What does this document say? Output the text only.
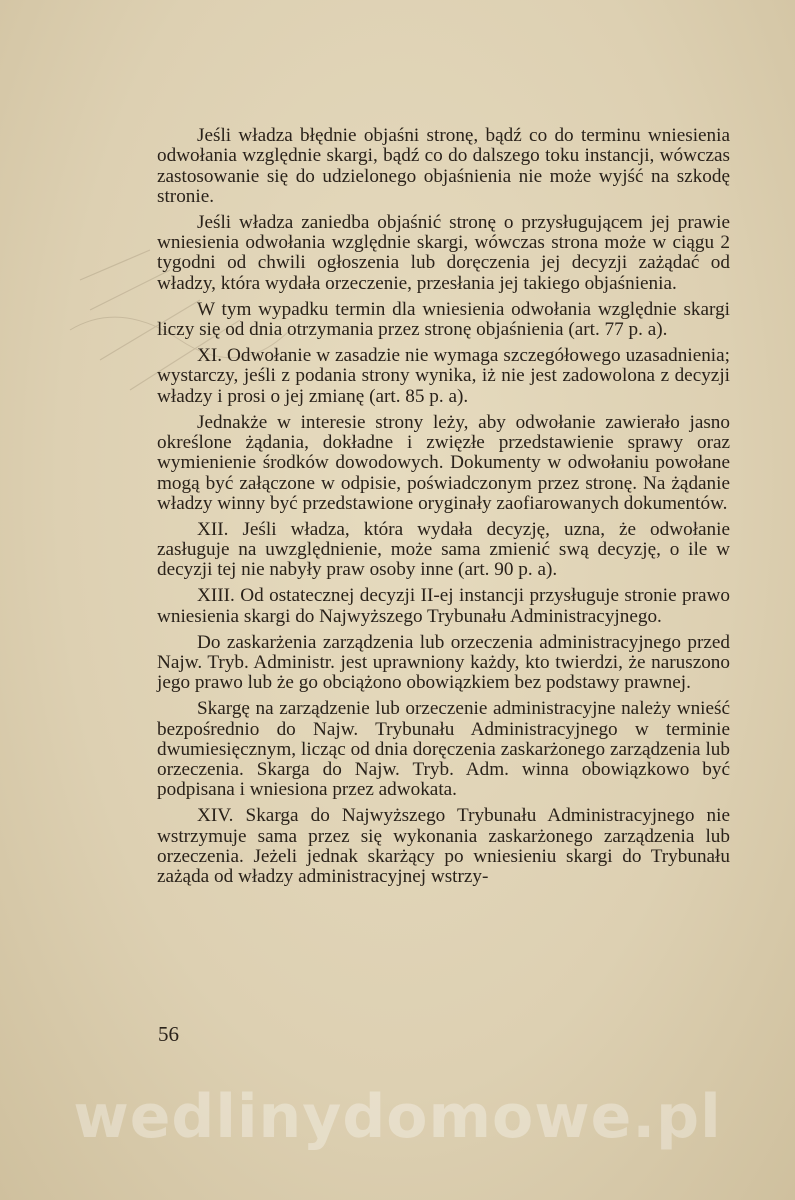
Jeśli władza błędnie objaśni stronę, bądź co do terminu wniesienia odwołania względnie skargi, bądź co do dalszego toku instancji, wówczas zastosowanie się do udzielonego objaśnienia nie może wyjść na szkodę stronie.

Jeśli władza zaniedba objaśnić stronę o przysługującem jej prawie wniesienia odwołania względnie skargi, wówczas strona może w ciągu 2 tygodni od chwili ogłoszenia lub doręczenia jej decyzji zażądać od władzy, która wydała orzeczenie, przesłania jej takiego objaśnienia.

W tym wypadku termin dla wniesienia odwołania względnie skargi liczy się od dnia otrzymania przez stronę objaśnienia (art. 77 p. a).

XI. Odwołanie w zasadzie nie wymaga szczegółowego uzasadnienia; wystarczy, jeśli z podania strony wynika, iż nie jest zadowolona z decyzji władzy i prosi o jej zmianę (art. 85 p. a).

Jednakże w interesie strony leży, aby odwołanie zawierało jasno określone żądania, dokładne i zwięzłe przedstawienie sprawy oraz wymienienie środków dowodowych. Dokumenty w odwołaniu powołane mogą być załączone w odpisie, poświadczonym przez stronę. Na żądanie władzy winny być przedstawione oryginały zaofiarowanych dokumentów.

XII. Jeśli władza, która wydała decyzję, uzna, że odwołanie zasługuje na uwzględnienie, może sama zmienić swą decyzję, o ile w decyzji tej nie nabyły praw osoby inne (art. 90 p. a).

XIII. Od ostatecznej decyzji II-ej instancji przysługuje stronie prawo wniesienia skargi do Najwyższego Trybunału Administracyjnego.

Do zaskarżenia zarządzenia lub orzeczenia administracyjnego przed Najw. Tryb. Administr. jest uprawniony każdy, kto twierdzi, że naruszono jego prawo lub że go obciążono obowiązkiem bez podstawy prawnej.

Skargę na zarządzenie lub orzeczenie administracyjne należy wnieść bezpośrednio do Najw. Trybunału Administracyjnego w terminie dwumiesięcznym, licząc od dnia doręczenia zaskarżonego zarządzenia lub orzeczenia. Skarga do Najw. Tryb. Adm. winna obowiązkowo być podpisana i wniesiona przez adwokata.

XIV. Skarga do Najwyższego Trybunału Administracyjnego nie wstrzymuje sama przez się wykonania zaskarżonego zarządzenia lub orzeczenia. Jeżeli jednak skarżący po wniesieniu skargi do Trybunału zażąda od władzy administracyjnej wstrzy-

56
wedlinydomowe.pl
